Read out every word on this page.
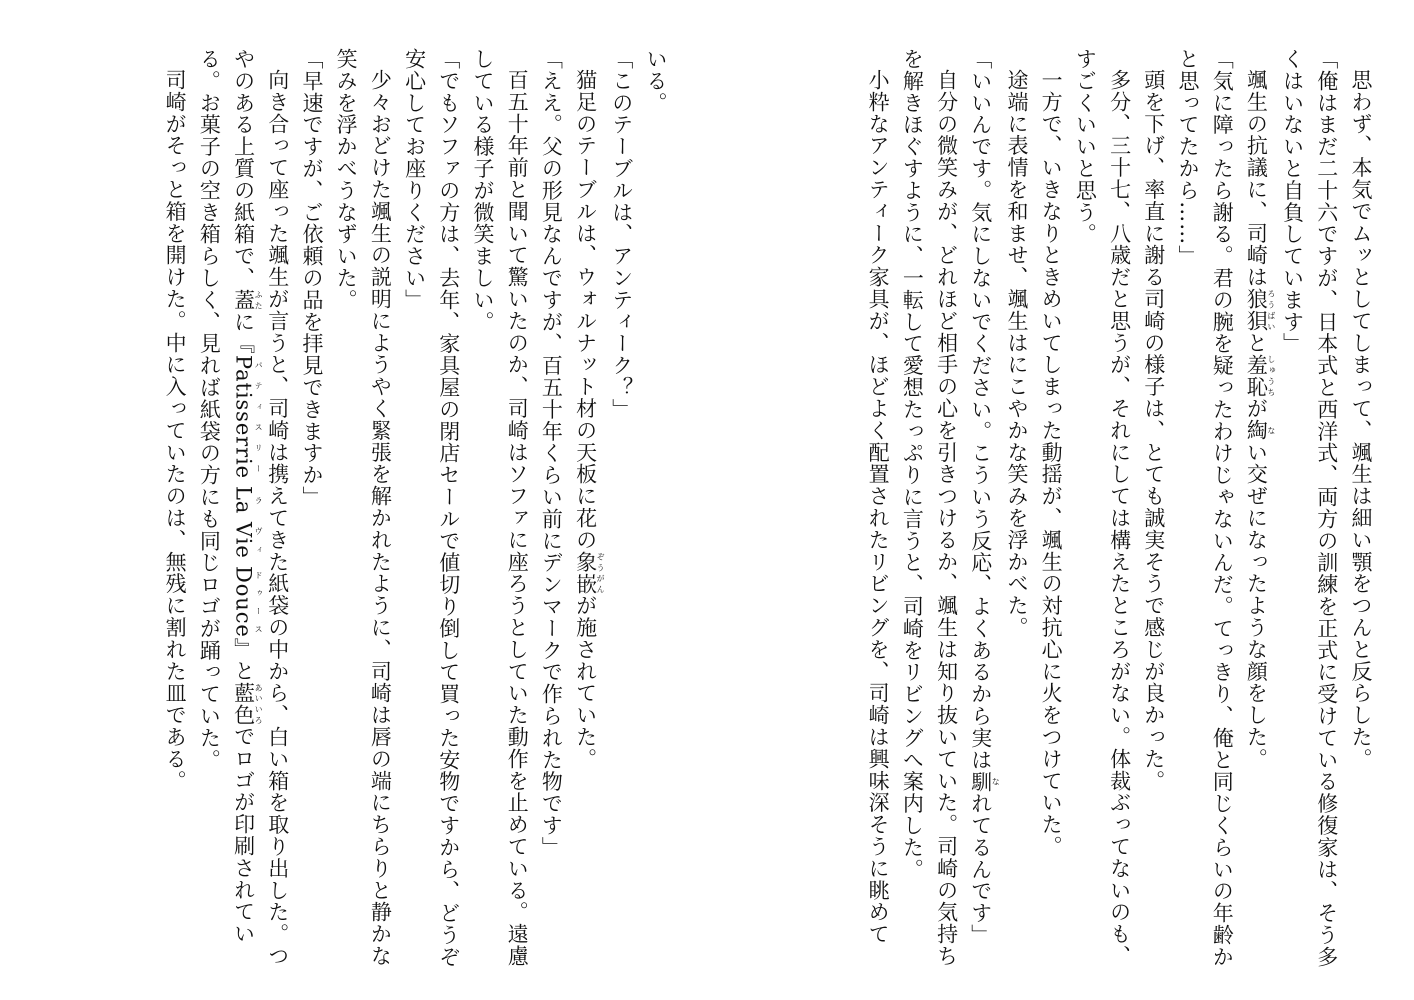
思わず、本気でムッとしてしまって、颯生は細い顎をつんと反らした。

「俺はまだ二十六ですが、日本式と西洋式、両方の訓練を正式に受けている修復家は、そう多くはいないと自負しています」

颯生の抗議に、司崎は狼狽ろうばいと羞恥しゅうちが綯ない交ぜになったような顔をした。

「気に障ったら謝る。君の腕を疑ったわけじゃないんだ。てっきり、俺と同じくらいの年齢かと思ってたから……」

頭を下げ、率直に謝る司崎の様子は、とても誠実そうで感じが良かった。

多分、三十七、八歳だと思うが、それにしては構えたところがない。体裁ぶってないのも、すごくいいと思う。

一方で、いきなりときめいてしまった動揺が、颯生の対抗心に火をつけていた。

途端に表情を和ませ、颯生はにこやかな笑みを浮かべた。

「いいんです。気にしないでください。こういう反応、よくあるから実は馴なれてるんです」

自分の微笑みが、どれほど相手の心を引きつけるか、颯生は知り抜いていた。司崎の気持ちを解きほぐすように、一転して愛想たっぷりに言うと、司崎をリビングへ案内した。

小粋なアンティーク家具が、ほどよく配置されたリビングを、司崎は興味深そうに眺めて

いる。

「このテーブルは、アンティーク？」

猫足のテーブルは、ウォルナット材の天板に花の象嵌ぞうがんが施されていた。

「ええ。父の形見なんですが、百五十年くらい前にデンマークで作られた物です」

百五十年前と聞いて驚いたのか、司崎はソファに座ろうとしていた動作を止めている。遠慮している様子が微笑ましい。

「でもソファの方は、去年、家具屋の閉店セールで値切り倒して買った安物ですから、どうぞ安心してお座りください」

少々おどけた颯生の説明にようやく緊張を解かれたように、司崎は唇の端にちらりと静かな笑みを浮かべうなずいた。

「早速ですが、ご依頼の品を拝見できますか」

向き合って座った颯生が言うと、司崎は携えてきた紙袋の中から、白い箱を取り出した。つやのある上質の紙箱で、蓋ふたに『Patisserrieパティスリー Laラ Vieヴィ Douceドゥース』と藍色あいいろでロゴが印刷されている。お菓子の空き箱らしく、見れば紙袋の方にも同じロゴが踊っていた。

司崎がそっと箱を開けた。中に入っていたのは、無残に割れた皿である。
